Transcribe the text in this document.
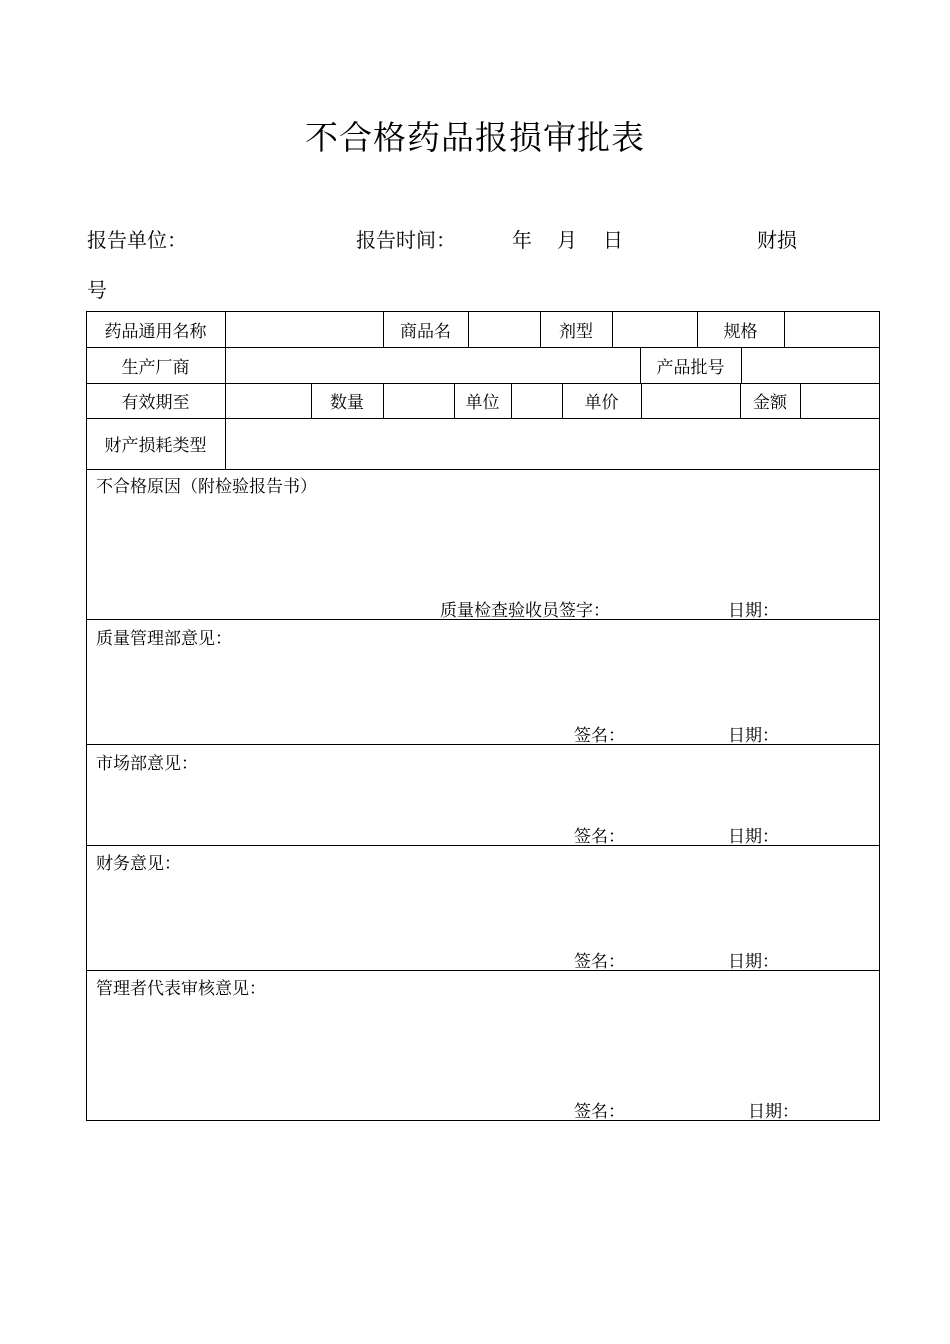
不合格药品报损审批表
报告单位：	报告时间：	年 月 日	财损
号
药品通用名称	商品名	剂型	规格
生产厂商	产品批号
有效期至	数量	单位	单价	金额
财产损耗类型
不合格原因（附检验报告书）
质量检查验收员签字：	日期：
质量管理部意见：
签名：	日期：
市场部意见：
签名：	日期：
财务意见：
签名：	日期：
管理者代表审核意见：
签名：	日期：
